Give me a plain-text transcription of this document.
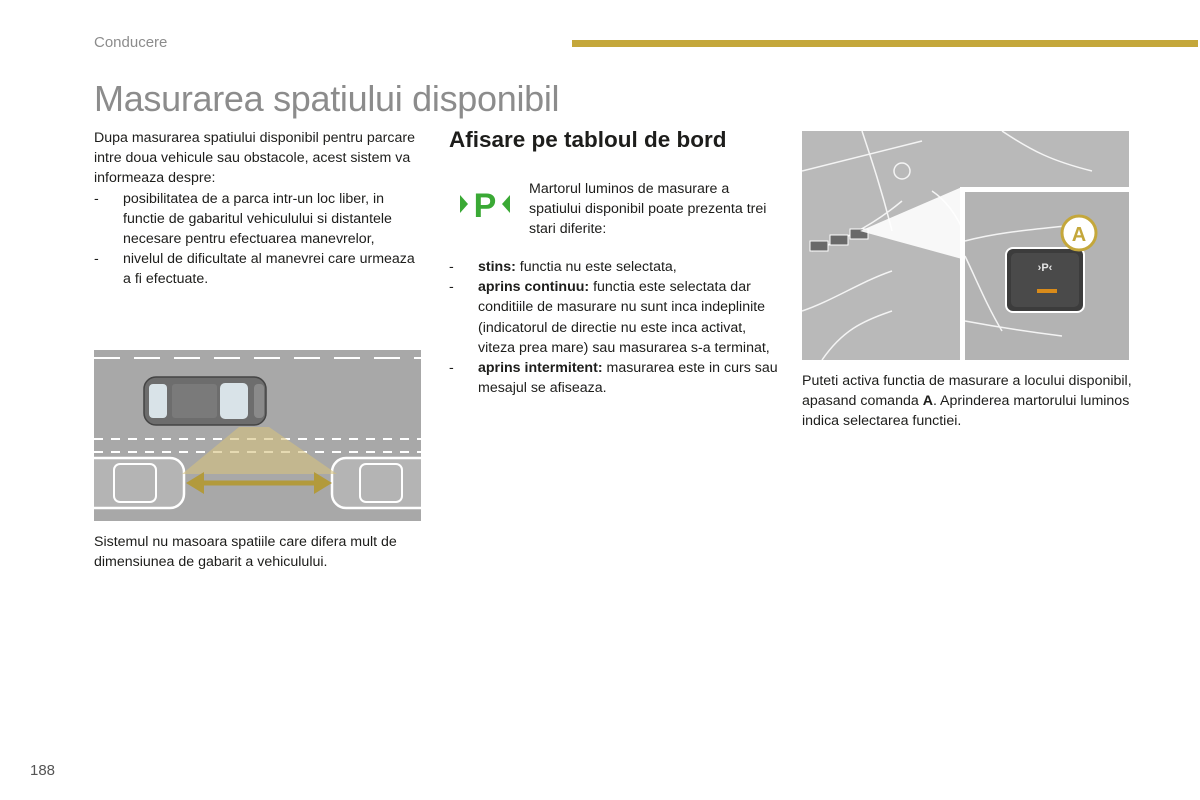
Conducere
Masurarea spatiului disponibil
Dupa masurarea spatiului disponibil pentru parcare intre doua vehicule sau obstacole, acest sistem va informeaza despre:
- posibilitatea de a parca intr-un loc liber, in functie de gabaritul vehiculului si distantele necesare pentru efectuarea manevrelor,
- nivelul de dificultate al manevrei care urmeaza a fi efectuate.
Sistemul nu masoara spatiile care difera mult de dimensiunea de gabarit a vehiculului.
Afisare pe tabloul de bord
P Martorul luminos de masurare a spatiului disponibil poate prezenta trei stari diferite:
- stins: functia nu este selectata,
- aprins continuu: functia este selectata dar conditiile de masurare nu sunt inca indeplinite (indicatorul de directie nu este inca activat, viteza prea mare) sau masurarea s-a terminat,
- aprins intermitent: masurarea este in curs sau mesajul se afiseaza.
›P‹
A
Puteti activa functia de masurare a locului disponibil, apasand comanda A. Aprinderea martorului luminos indica selectarea functiei.
188
